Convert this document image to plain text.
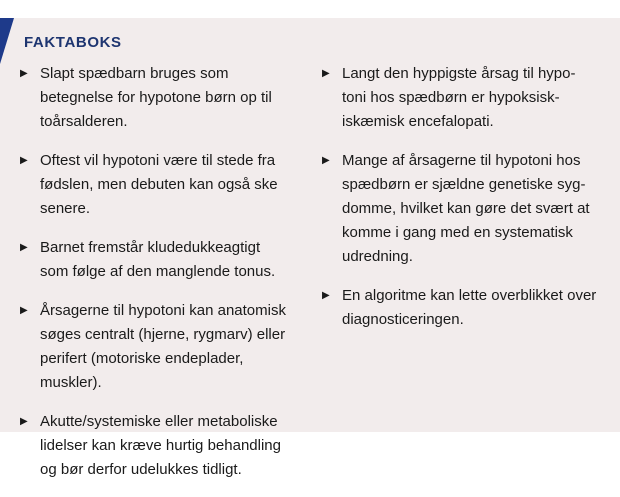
FAKTABOKS
▶ Slapt spædbarn bruges som
betegnelse for hypotone børn op til
toårsalderen.
▶ Oftest vil hypotoni være til stede fra
fødslen, men debuten kan også ske
senere.
▶ Barnet fremstår kludedukkeagtigt
som følge af den manglende tonus.
▶ Årsagerne til hypotoni kan anatomisk
søges centralt (hjerne, rygmarv) eller
perifert (motoriske endeplader,
muskler).
▶ Akutte/systemiske eller metaboliske
lidelser kan kræve hurtig behandling
og bør derfor udelukkes tidligt.
▶ Langt den hyppigste årsag til hypo-
toni hos spædbørn er hypoksisk-
iskæmisk encefalopati.
▶ Mange af årsagerne til hypotoni hos
spædbørn er sjældne genetiske syg-
domme, hvilket kan gøre det svært at
komme i gang med en systematisk
udredning.
▶ En algoritme kan lette overblikket over
diagnosticeringen.
